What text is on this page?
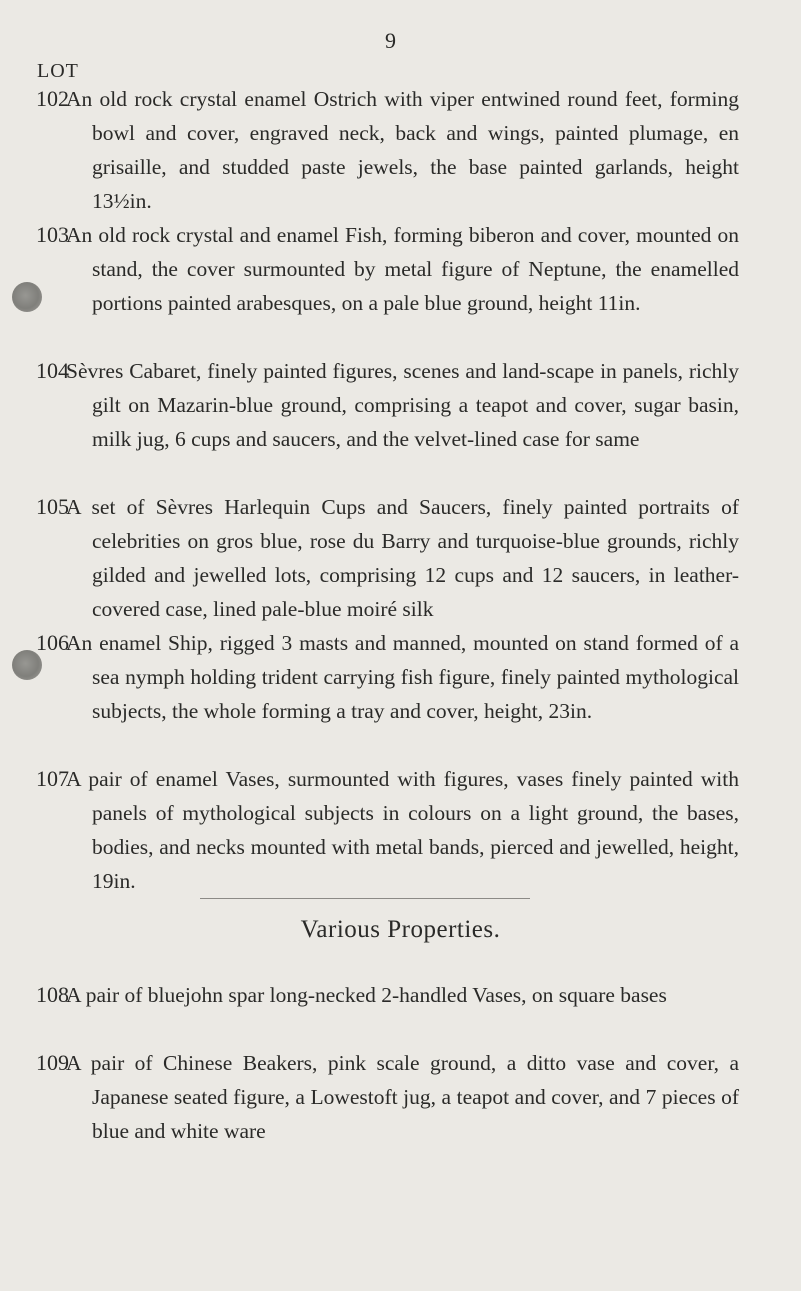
9
LOT
102
An old rock crystal enamel Ostrich with viper entwined round feet, forming bowl and cover, engraved neck, back and wings, painted plumage, en grisaille, and studded paste jewels, the base painted garlands, height 13½in.
103
An old rock crystal and enamel Fish, forming biberon and cover, mounted on stand, the cover surmounted by metal figure of Neptune, the enamelled portions painted arabesques, on a pale blue ground, height 11in.
104
Sèvres Cabaret, finely painted figures, scenes and land-scape in panels, richly gilt on Mazarin-blue ground, comprising a teapot and cover, sugar basin, milk jug, 6 cups and saucers, and the velvet-lined case for same
105
A set of Sèvres Harlequin Cups and Saucers, finely painted portraits of celebrities on gros blue, rose du Barry and turquoise-blue grounds, richly gilded and jewelled lots, comprising 12 cups and 12 saucers, in leather-covered case, lined pale-blue moiré silk
106
An enamel Ship, rigged 3 masts and manned, mounted on stand formed of a sea nymph holding trident carrying fish figure, finely painted mythological subjects, the whole forming a tray and cover, height, 23in.
107
A pair of enamel Vases, surmounted with figures, vases finely painted with panels of mythological subjects in colours on a light ground, the bases, bodies, and necks mounted with metal bands, pierced and jewelled, height, 19in.
Various Properties.
108
A pair of bluejohn spar long-necked 2-handled Vases, on square bases
109
A pair of Chinese Beakers, pink scale ground, a ditto vase and cover, a Japanese seated figure, a Lowestoft jug, a teapot and cover, and 7 pieces of blue and white ware
